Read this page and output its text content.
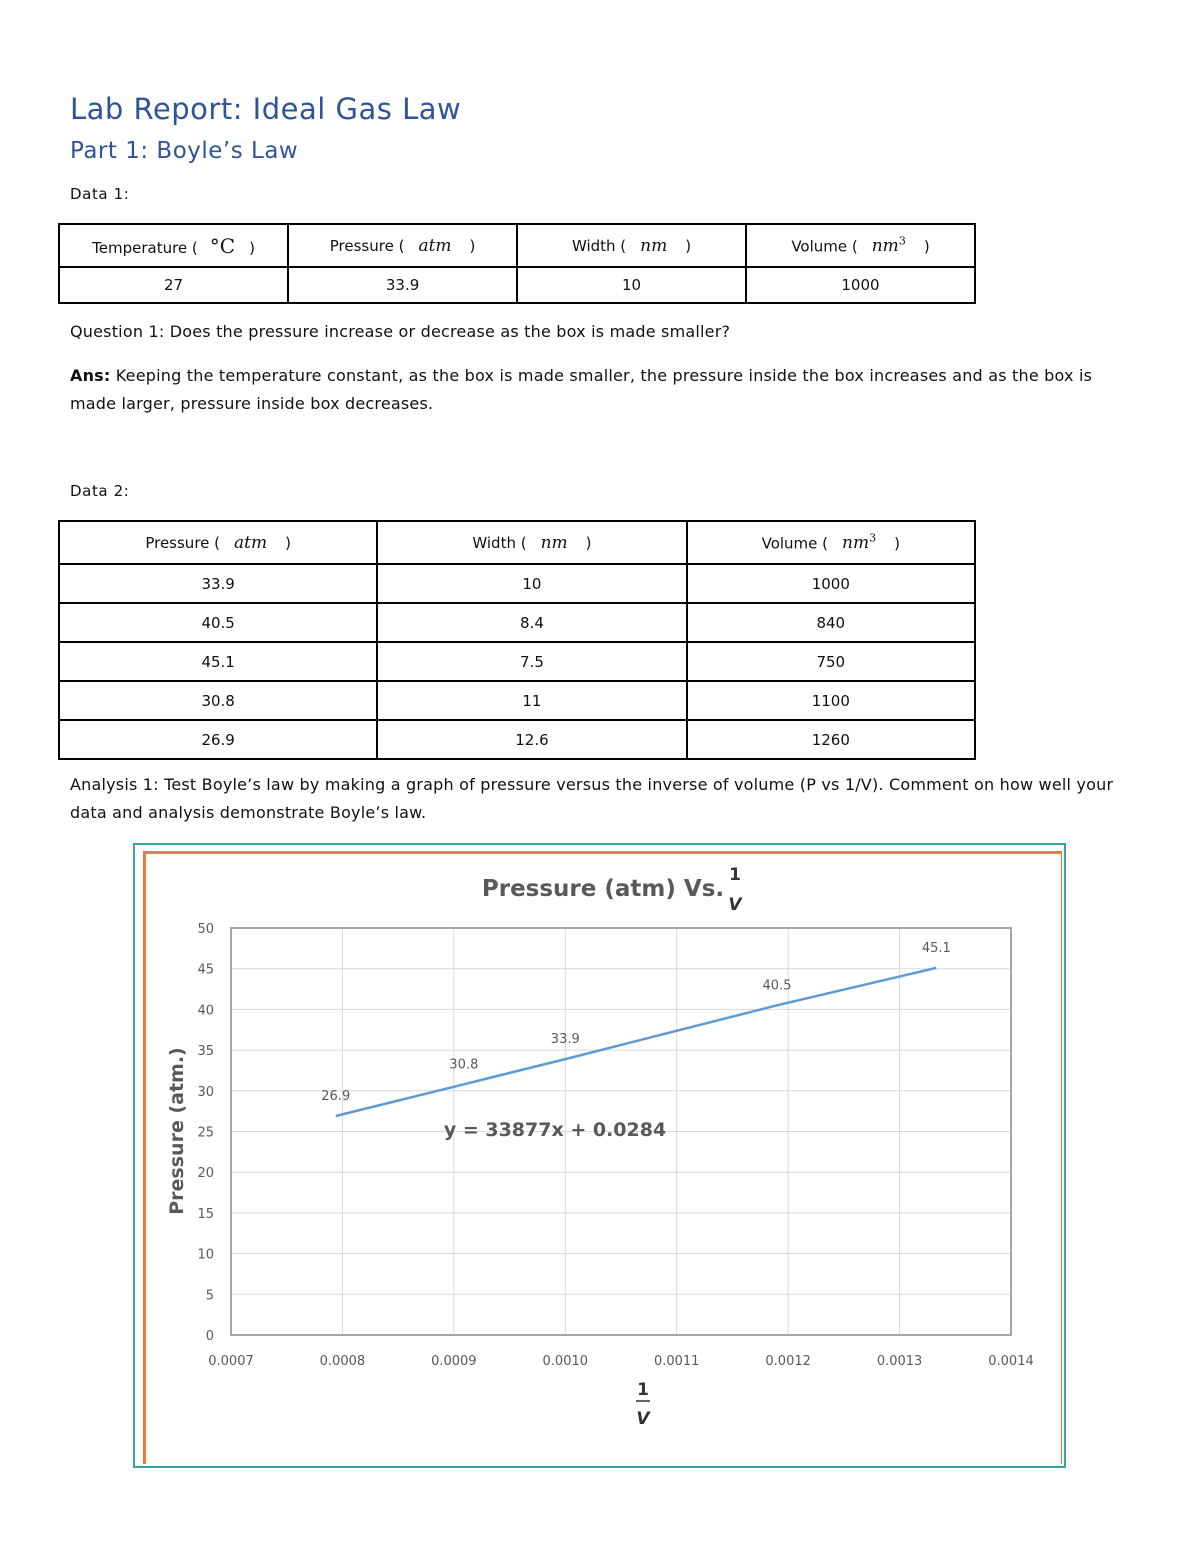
Lab Report: Ideal Gas Law
Part 1: Boyle’s Law
Data 1:
Temperature ( °C )	Pressure ( atm )	Width ( nm )	Volume ( $nm^3$ )
27	33.9	10	1000
Question 1: Does the pressure increase or decrease as the box is made smaller?
Ans: Keeping the temperature constant, as the box is made smaller, the pressure inside the box increases and as the box is made larger, pressure inside box decreases.
Data 2:
Pressure ( atm )	Width ( nm )	Volume ( $nm^3$ )
33.9	10	1000
40.5	8.4	840
45.1	7.5	750
30.8	11	1100
26.9	12.6	1260
Analysis 1: Test Boyle’s law by making a graph of pressure versus the inverse of volume (P vs 1/V). Comment on how well your data and analysis demonstrate Boyle’s law.
0
5
10
15
20
25
30
35
40
45
50
0.0007	0.0008	0.0009	0.0010	0.0011	0.0012	0.0013	0.0014
26.9
30.8
33.9
40.5
45.1
Pressure (atm) Vs.
1
V
Pressure (atm.)
1
V
y = 33877x + 0.0284
